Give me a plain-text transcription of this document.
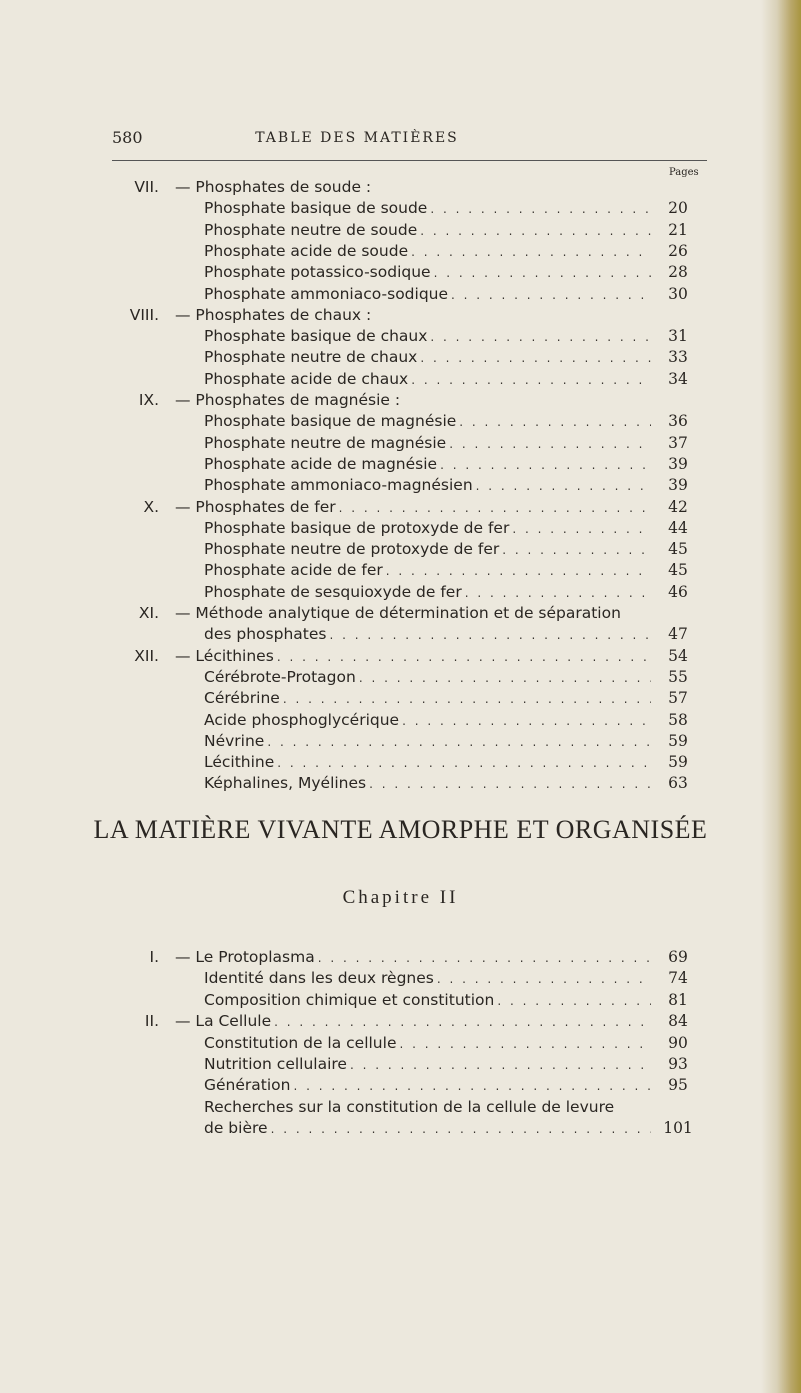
580	TABLE DES MATIÈRES
Pages
VII. — Phosphates de soude :
Phosphate basique de soude . . .	20
Phosphate neutre de soude . . .	21
Phosphate acide de soude . . .	26
Phosphate potassico-sodique . . .	28
Phosphate ammoniaco-sodique . . .	30
VIII. — Phosphates de chaux :
Phosphate basique de chaux . . .	31
Phosphate neutre de chaux . . .	33
Phosphate acide de chaux . . .	34
IX. — Phosphates de magnésie :
Phosphate basique de magnésie . . .	36
Phosphate neutre de magnésie . . .	37
Phosphate acide de magnésie . . .	39
Phosphate ammoniaco-magnésien . . .	39
X. — Phosphates de fer . . .	42
Phosphate basique de protoxyde de fer . . .	44
Phosphate neutre de protoxyde de fer . . .	45
Phosphate acide de fer . . .	45
Phosphate de sesquioxyde de fer . . .	46
XI. — Méthode analytique de détermination et de séparation
des phosphates . . .	47
XII. — Lécithines . . .	54
Cérébrote-Protagon . . .	55
Cérébrine . . .	57
Acide phosphoglycérique . . .	58
Névrine . . .	59
Lécithine . . .	59
Képhalines, Myélines . . .	63
LA MATIÈRE VIVANTE AMORPHE ET ORGANISÉE
Chapitre II
I. — Le Protoplasma . . .	69
Identité dans les deux règnes . . .	74
Composition chimique et constitution . . .	81
II. — La Cellule . . .	84
Constitution de la cellule . . .	90
Nutrition cellulaire . . .	93
Génération . . .	95
Recherches sur la constitution de la cellule de levure
de bière . . .	101
